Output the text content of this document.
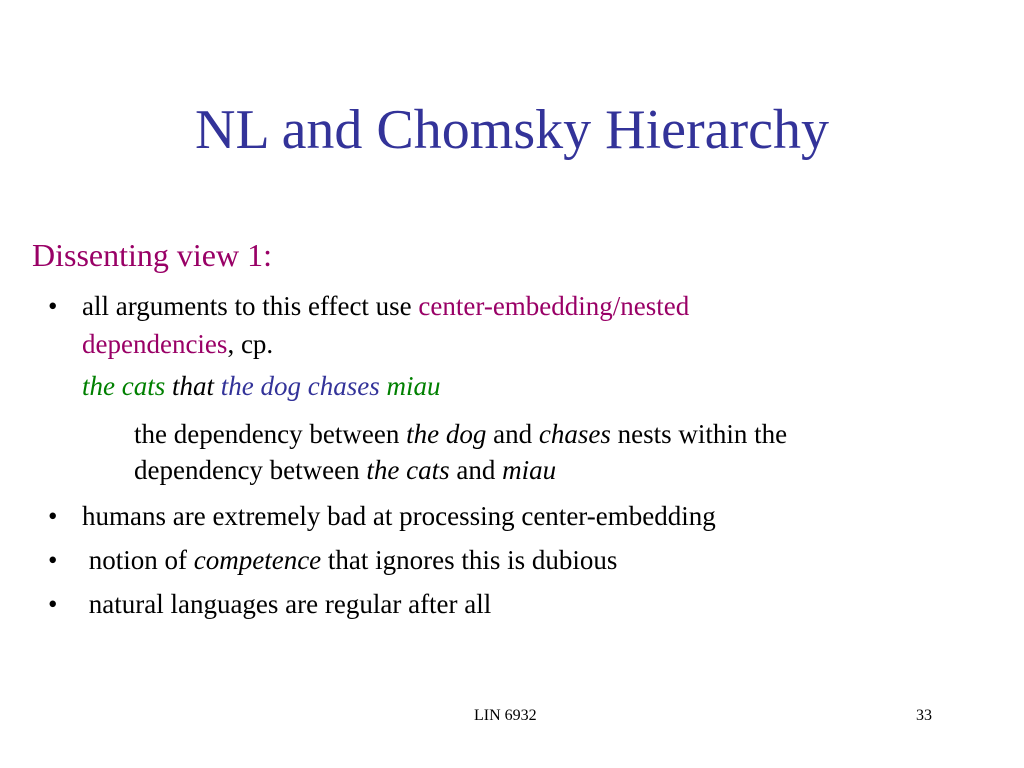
NL and Chomsky Hierarchy
Dissenting view 1:
• all arguments to this effect use center-embedding/nested
dependencies, cp.
the cats that the dog chases miau
the dependency between the dog and chases nests within the
dependency between the cats and miau
• humans are extremely bad at processing center-embedding
• notion of competence that ignores this is dubious
• natural languages are regular after all
LIN 6932	33
